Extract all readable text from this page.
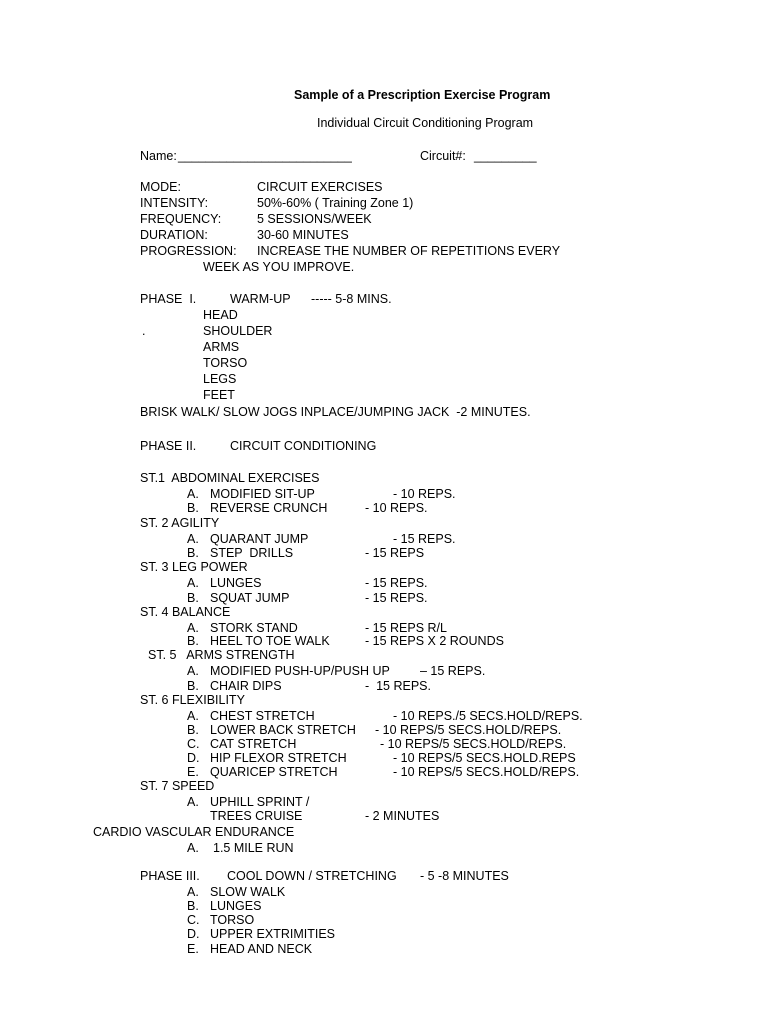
Sample of a Prescription Exercise Program
Individual Circuit Conditioning Program
Name: _________________________	Circuit#: _________
MODE:	CIRCUIT EXERCISES
INTENSITY:	50%-60% ( Training Zone 1)
FREQUENCY:	5 SESSIONS/WEEK
DURATION:	30-60 MINUTES
PROGRESSION: INCREASE THE NUMBER OF REPETITIONS EVERY
WEEK AS YOU IMPROVE.
PHASE  I.	WARM-UP ----- 5-8 MINS.
HEAD
.	SHOULDER
ARMS
TORSO
LEGS
FEET
BRISK WALK/ SLOW JOGS INPLACE/JUMPING JACK  -2 MINUTES.
PHASE II.	CIRCUIT CONDITIONING
ST.1  ABDOMINAL EXERCISES
A. MODIFIED SIT-UP	- 10 REPS.
B. REVERSE CRUNCH	- 10 REPS.
ST. 2 AGILITY
A. QUARANT JUMP	- 15 REPS.
B. STEP  DRILLS	- 15 REPS
ST. 3 LEG POWER
A. LUNGES	- 15 REPS.
B. SQUAT JUMP	- 15 REPS.
ST. 4 BALANCE
A. STORK STAND	- 15 REPS R/L
B. HEEL TO TOE WALK	- 15 REPS X 2 ROUNDS
ST. 5   ARMS STRENGTH
A. MODIFIED PUSH-UP/PUSH UP – 15 REPS.
B. CHAIR DIPS	-  15 REPS.
ST. 6 FLEXIBILITY
A. CHEST STRETCH	- 10 REPS./5 SECS.HOLD/REPS.
B. LOWER BACK STRETCH - 10 REPS/5 SECS.HOLD/REPS.
C. CAT STRETCH	- 10 REPS/5 SECS.HOLD/REPS.
D. HIP FLEXOR STRETCH	- 10 REPS/5 SECS.HOLD.REPS
E. QUARICEP STRETCH	- 10 REPS/5 SECS.HOLD/REPS.
ST. 7 SPEED
A. UPHILL SPRINT /
TREES CRUISE	- 2 MINUTES
CARDIO VASCULAR ENDURANCE
A. 1.5 MILE RUN
PHASE III. COOL DOWN / STRETCHING - 5 -8 MINUTES
A. SLOW WALK
B. LUNGES
C. TORSO
D. UPPER EXTRIMITIES
E. HEAD AND NECK
